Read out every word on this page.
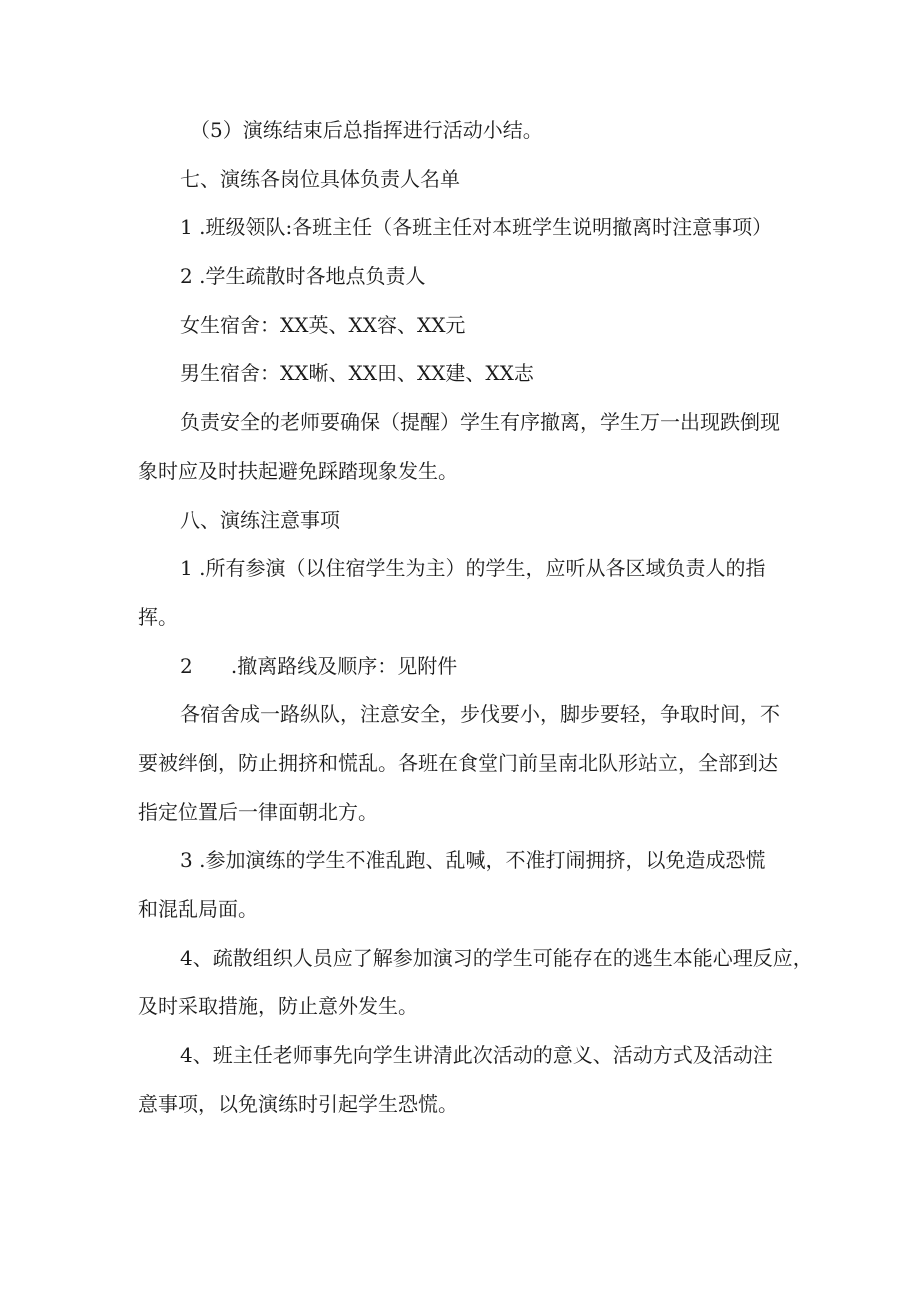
（5）演练结束后总指挥进行活动小结。
七、演练各岗位具体负责人名单
1 .班级领队:各班主任（各班主任对本班学生说明撤离时注意事项）
2 .学生疏散时各地点负责人
女生宿舍：XX英、XX容、XX元
男生宿舍：XX晰、XX田、XX建、XX志
负责安全的老师要确保（提醒）学生有序撤离，学生万一出现跌倒现
象时应及时扶起避免踩踏现象发生。
八、演练注意事项
1 .所有参演（以住宿学生为主）的学生，应听从各区域负责人的指
挥。
2      .撤离路线及顺序：见附件
各宿舍成一路纵队，注意安全，步伐要小，脚步要轻，争取时间，不
要被绊倒，防止拥挤和慌乱。各班在食堂门前呈南北队形站立，全部到达
指定位置后一律面朝北方。
3 .参加演练的学生不准乱跑、乱喊，不准打闹拥挤，以免造成恐慌
和混乱局面。
4、疏散组织人员应了解参加演习的学生可能存在的逃生本能心理反应，
及时采取措施，防止意外发生。
4、班主任老师事先向学生讲清此次活动的意义、活动方式及活动注
意事项，以免演练时引起学生恐慌。
